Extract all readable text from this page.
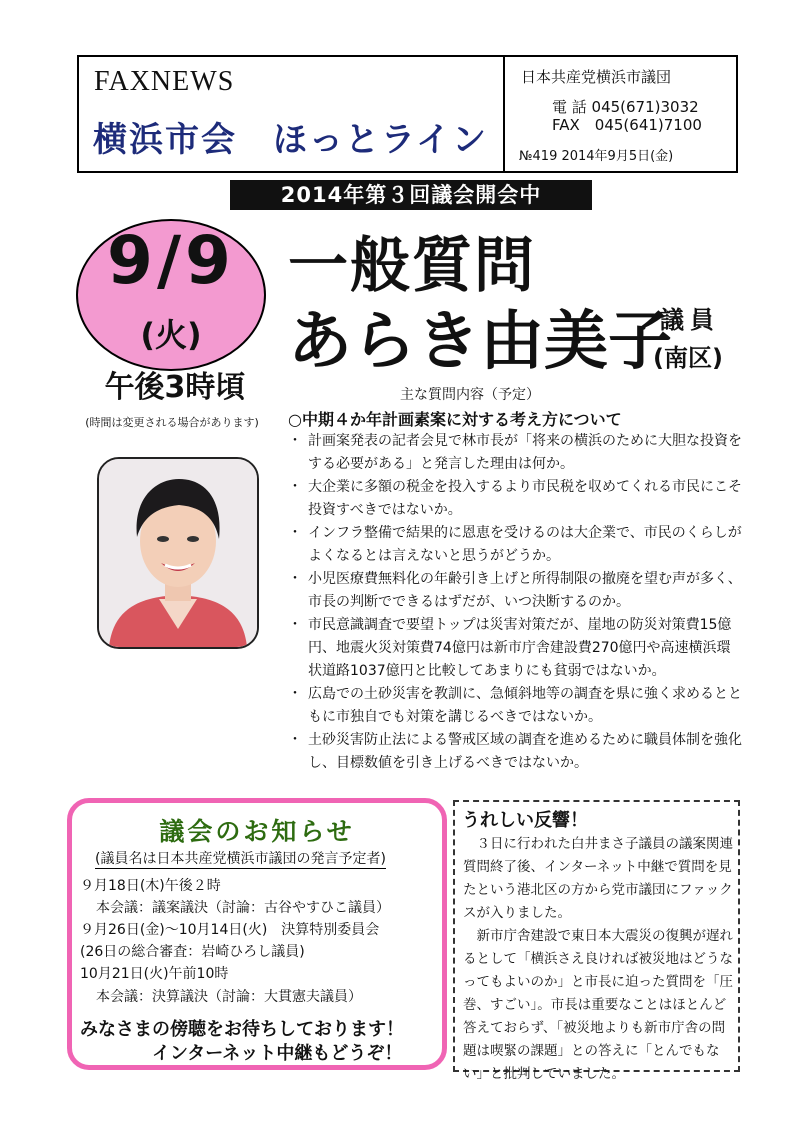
FAXNEWS
横浜市会　ほっとライン
日本共産党横浜市議団
電 話 045(671)3032
FAX　045(641)7100
№419 2014年9月5日(金)
2014年第３回議会開会中
9/9
(火)
午後3時頃
(時間は変更される場合があります)
一般質問
あらき由美子
議員
(南区)
主な質問内容（予定）
○中期４か年計画素案に対する考え方について
・ 計画案発表の記者会見で林市長が「将来の横浜のために大胆な投資をする必要がある」と発言した理由は何か。
・ 大企業に多額の税金を投入するより市民税を収めてくれる市民にこそ投資すべきではないか。
・ インフラ整備で結果的に恩恵を受けるのは大企業で、市民のくらしがよくなるとは言えないと思うがどうか。
・ 小児医療費無料化の年齢引き上げと所得制限の撤廃を望む声が多く、市長の判断でできるはずだが、いつ決断するのか。
・ 市民意識調査で要望トップは災害対策だが、崖地の防災対策費15億円、地震火災対策費74億円は新市庁舎建設費270億円や高速横浜環状道路1037億円と比較してあまりにも貧弱ではないか。
・ 広島での土砂災害を教訓に、急傾斜地等の調査を県に強く求めるとともに市独自でも対策を講じるべきではないか。
・ 土砂災害防止法による警戒区域の調査を進めるために職員体制を強化し、目標数値を引き上げるべきではないか。
議会のお知らせ
(議員名は日本共産党横浜市議団の発言予定者)
９月18日(木)午後２時
本会議：議案議決（討論：古谷やすひこ議員）
９月26日(金)～10月14日(火)　決算特別委員会
(26日の総合審査：岩崎ひろし議員)
10月21日(火)午前10時
本会議：決算議決（討論：大貫憲夫議員）
みなさまの傍聴をお待ちしております！
インターネット中継もどうぞ！
うれしい反響！

３日に行われた白井まさ子議員の議案関連質問終了後、インターネット中継で質問を見たという港北区の方から党市議団にファックスが入りました。

新市庁舎建設で東日本大震災の復興が遅れるとして「横浜さえ良ければ被災地はどうなってもよいのか」と市長に迫った質問を「圧巻、すごい」。市長は重要なことはほとんど答えておらず、「被災地よりも新市庁舎の問題は喫緊の課題」との答えに「とんでもない」と批判していました。
